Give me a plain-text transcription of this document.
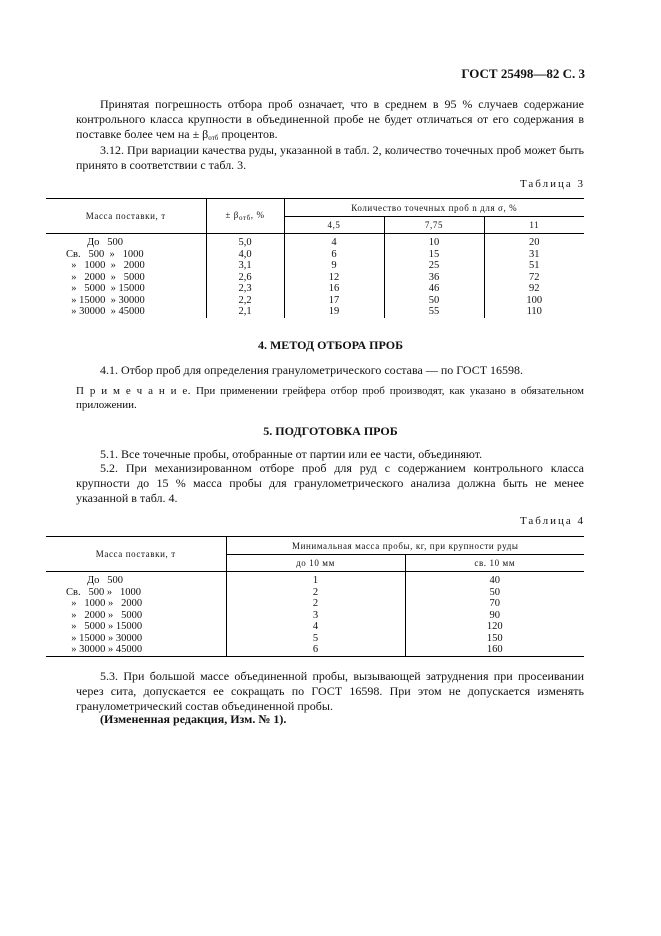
ГОСТ 25498—82 С. 3
Принятая погрешность отбора проб означает, что в среднем в 95 % случаев содержание контрольного класса крупности в объединенной пробе не будет отличаться от его содержания в поставке более чем на ± $\beta_{отб}$ процентов.
3.12. При вариации качества руды, указанной в табл. 2, количество точечных проб может быть принято в соответствии с табл. 3.
Таблица 3
Масса поставки, т	± $\beta_{отб}$, %	Количество точечных проб n для σ, %		
		4,5	7,75	11
До   500	5,0	4	10	20
Св.   500  »   1000	4,0	6	15	31
»   1000  »   2000	3,1	9	25	51
»   2000  »   5000	2,6	12	36	72
»   5000  » 15000	2,3	16	46	92
» 15000  » 30000	2,2	17	50	100
» 30000  » 45000	2,1	19	55	110
4. МЕТОД ОТБОРА ПРОБ
4.1. Отбор проб для определения гранулометрического состава — по ГОСТ 16598.
П р и м е ч а н и е. При применении грейфера отбор проб производят, как указано в обязательном приложении.
5. ПОДГОТОВКА ПРОБ
5.1. Все точечные пробы, отобранные от партии или ее части, объединяют.
5.2. При механизированном отборе проб для руд с содержанием контрольного класса крупности до 15 % масса пробы для гранулометрического анализа должна быть не менее указанной в табл. 4.
Таблица 4
Масса поставки, т	Минимальная масса пробы, кг, при крупности руды	
	до 10 мм	св. 10 мм
До   500	1	40
Св.   500 »   1000	2	50
»   1000 »   2000	2	70
»   2000 »   5000	3	90
»   5000 » 15000	4	120
» 15000 » 30000	5	150
» 30000 » 45000	6	160
5.3. При большой массе объединенной пробы, вызывающей затруднения при просеивании через сита, допускается ее сокращать по ГОСТ 16598. При этом не допускается изменять гранулометрический состав объединенной пробы.
(Измененная редакция, Изм. № 1).
